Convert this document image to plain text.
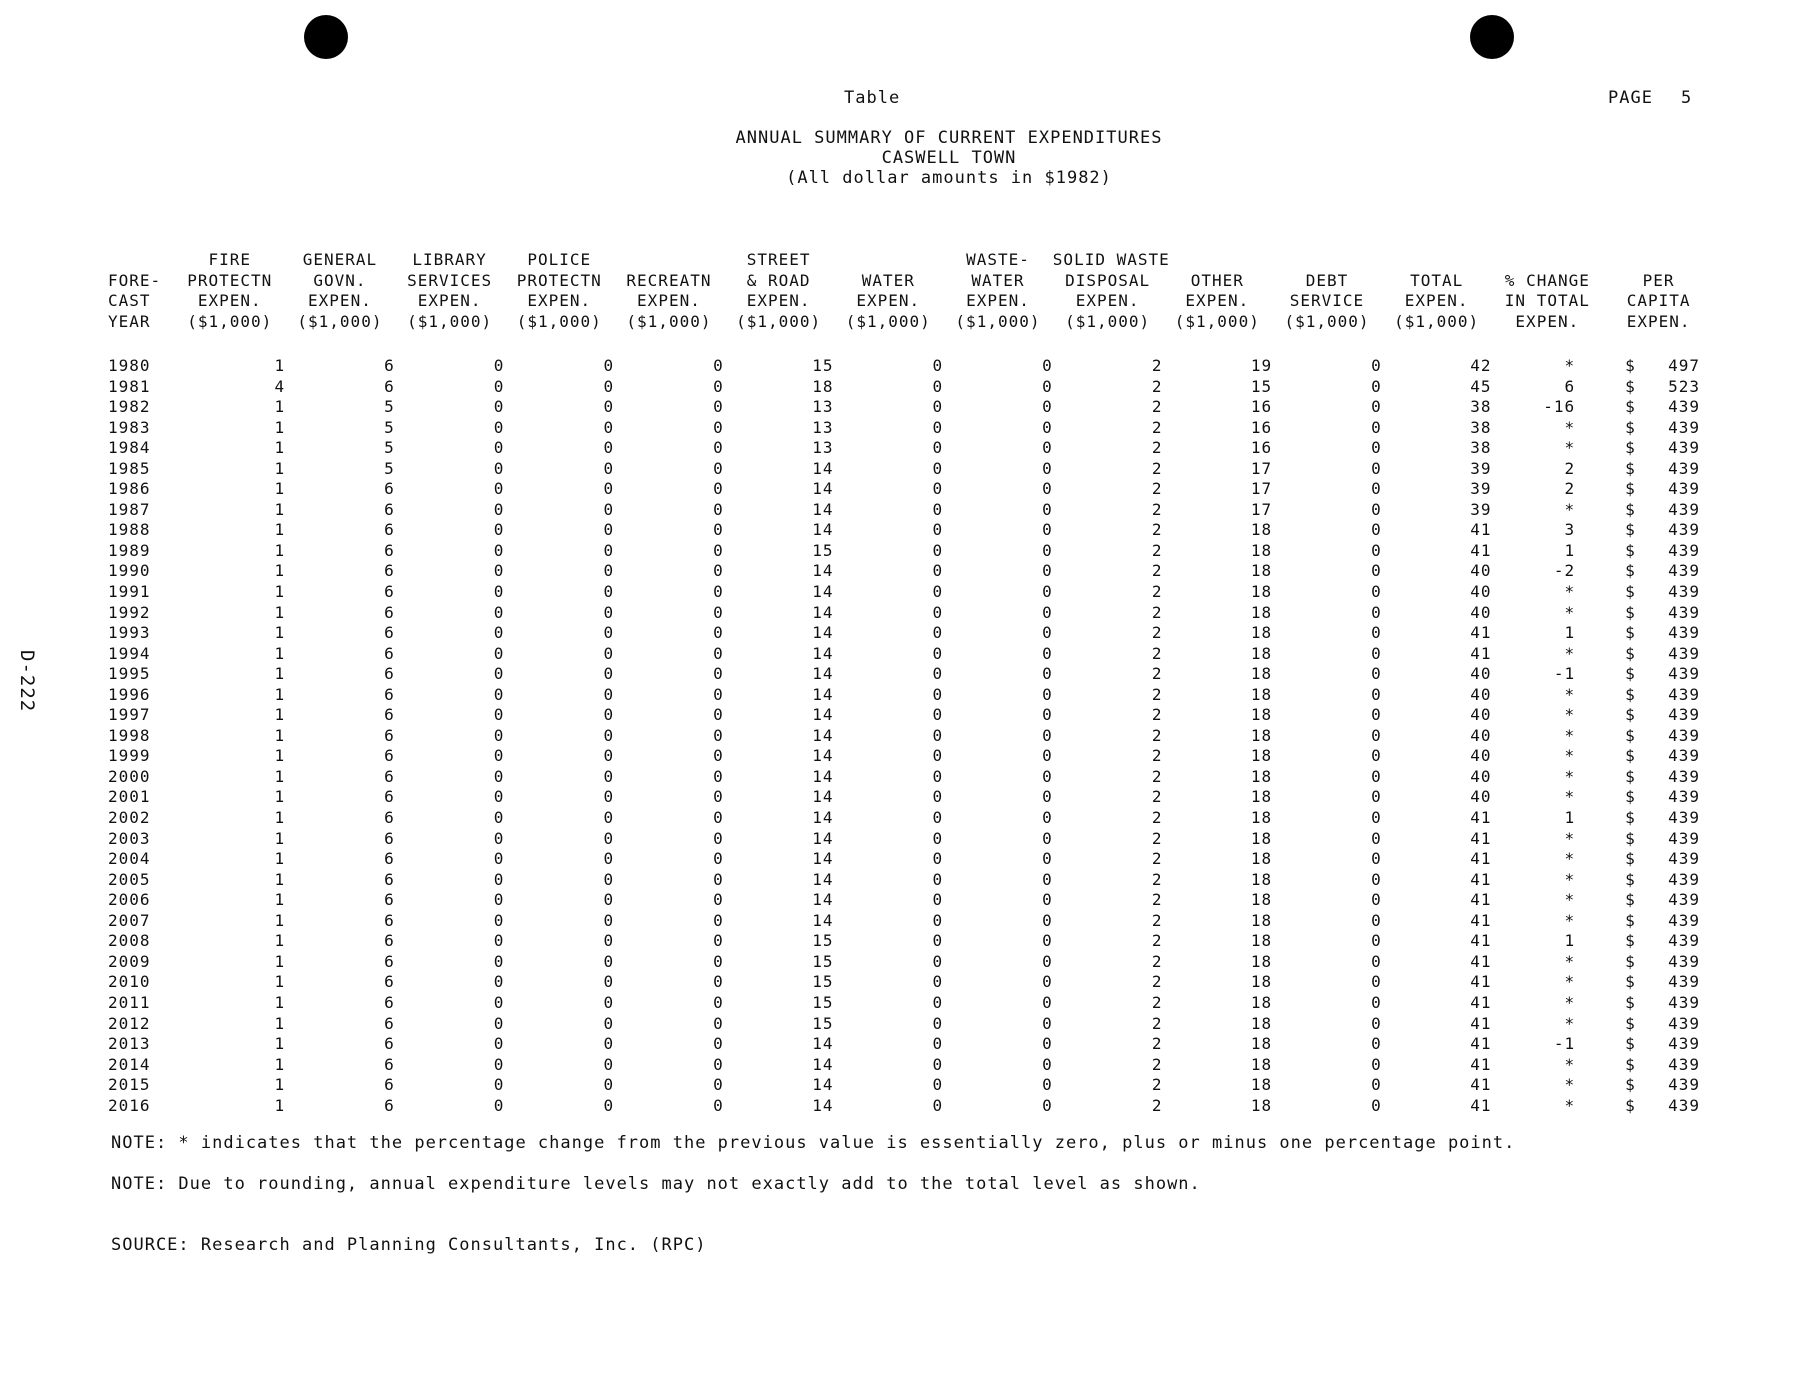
Table	PAGE 5
ANNUAL SUMMARY OF CURRENT EXPENDITURES
CASWELL TOWN
(All dollar amounts in $1982)
D-222
	FIRE	GENERAL	LIBRARY	POLICE		STREET		WASTE-	SOLID WASTE					
FORE-	PROTECTN	GOVN.	SERVICES	PROTECTN	RECREATN	& ROAD	WATER	WATER	DISPOSAL	OTHER	DEBT	TOTAL	% CHANGE	PER
CAST	EXPEN.	EXPEN.	EXPEN.	EXPEN.	EXPEN.	EXPEN.	EXPEN.	EXPEN.	EXPEN.	EXPEN.	SERVICE	EXPEN.	IN TOTAL	CAPITA
YEAR	($1,000)	($1,000)	($1,000)	($1,000)	($1,000)	($1,000)	($1,000)	($1,000)	($1,000)	($1,000)	($1,000)	($1,000)	EXPEN.	EXPEN.

1980	1	6	0	0	0	15	0	0	2	19	0	42	*	$ 497
1981	4	6	0	0	0	18	0	0	2	15	0	45	6	$ 523
1982	1	5	0	0	0	13	0	0	2	16	0	38	-16	$ 439
1983	1	5	0	0	0	13	0	0	2	16	0	38	*	$ 439
1984	1	5	0	0	0	13	0	0	2	16	0	38	*	$ 439
1985	1	5	0	0	0	14	0	0	2	17	0	39	2	$ 439
1986	1	6	0	0	0	14	0	0	2	17	0	39	2	$ 439
1987	1	6	0	0	0	14	0	0	2	17	0	39	*	$ 439
1988	1	6	0	0	0	14	0	0	2	18	0	41	3	$ 439
1989	1	6	0	0	0	15	0	0	2	18	0	41	1	$ 439
1990	1	6	0	0	0	14	0	0	2	18	0	40	-2	$ 439
1991	1	6	0	0	0	14	0	0	2	18	0	40	*	$ 439
1992	1	6	0	0	0	14	0	0	2	18	0	40	*	$ 439
1993	1	6	0	0	0	14	0	0	2	18	0	41	1	$ 439
1994	1	6	0	0	0	14	0	0	2	18	0	41	*	$ 439
1995	1	6	0	0	0	14	0	0	2	18	0	40	-1	$ 439
1996	1	6	0	0	0	14	0	0	2	18	0	40	*	$ 439
1997	1	6	0	0	0	14	0	0	2	18	0	40	*	$ 439
1998	1	6	0	0	0	14	0	0	2	18	0	40	*	$ 439
1999	1	6	0	0	0	14	0	0	2	18	0	40	*	$ 439
2000	1	6	0	0	0	14	0	0	2	18	0	40	*	$ 439
2001	1	6	0	0	0	14	0	0	2	18	0	40	*	$ 439
2002	1	6	0	0	0	14	0	0	2	18	0	41	1	$ 439
2003	1	6	0	0	0	14	0	0	2	18	0	41	*	$ 439
2004	1	6	0	0	0	14	0	0	2	18	0	41	*	$ 439
2005	1	6	0	0	0	14	0	0	2	18	0	41	*	$ 439
2006	1	6	0	0	0	14	0	0	2	18	0	41	*	$ 439
2007	1	6	0	0	0	14	0	0	2	18	0	41	*	$ 439
2008	1	6	0	0	0	15	0	0	2	18	0	41	1	$ 439
2009	1	6	0	0	0	15	0	0	2	18	0	41	*	$ 439
2010	1	6	0	0	0	15	0	0	2	18	0	41	*	$ 439
2011	1	6	0	0	0	15	0	0	2	18	0	41	*	$ 439
2012	1	6	0	0	0	15	0	0	2	18	0	41	*	$ 439
2013	1	6	0	0	0	14	0	0	2	18	0	41	-1	$ 439
2014	1	6	0	0	0	14	0	0	2	18	0	41	*	$ 439
2015	1	6	0	0	0	14	0	0	2	18	0	41	*	$ 439
2016	1	6	0	0	0	14	0	0	2	18	0	41	*	$ 439
NOTE: * indicates that the percentage change from the previous value is essentially zero, plus or minus one percentage point.
NOTE: Due to rounding, annual expenditure levels may not exactly add to the total level as shown.
SOURCE: Research and Planning Consultants, Inc. (RPC)
